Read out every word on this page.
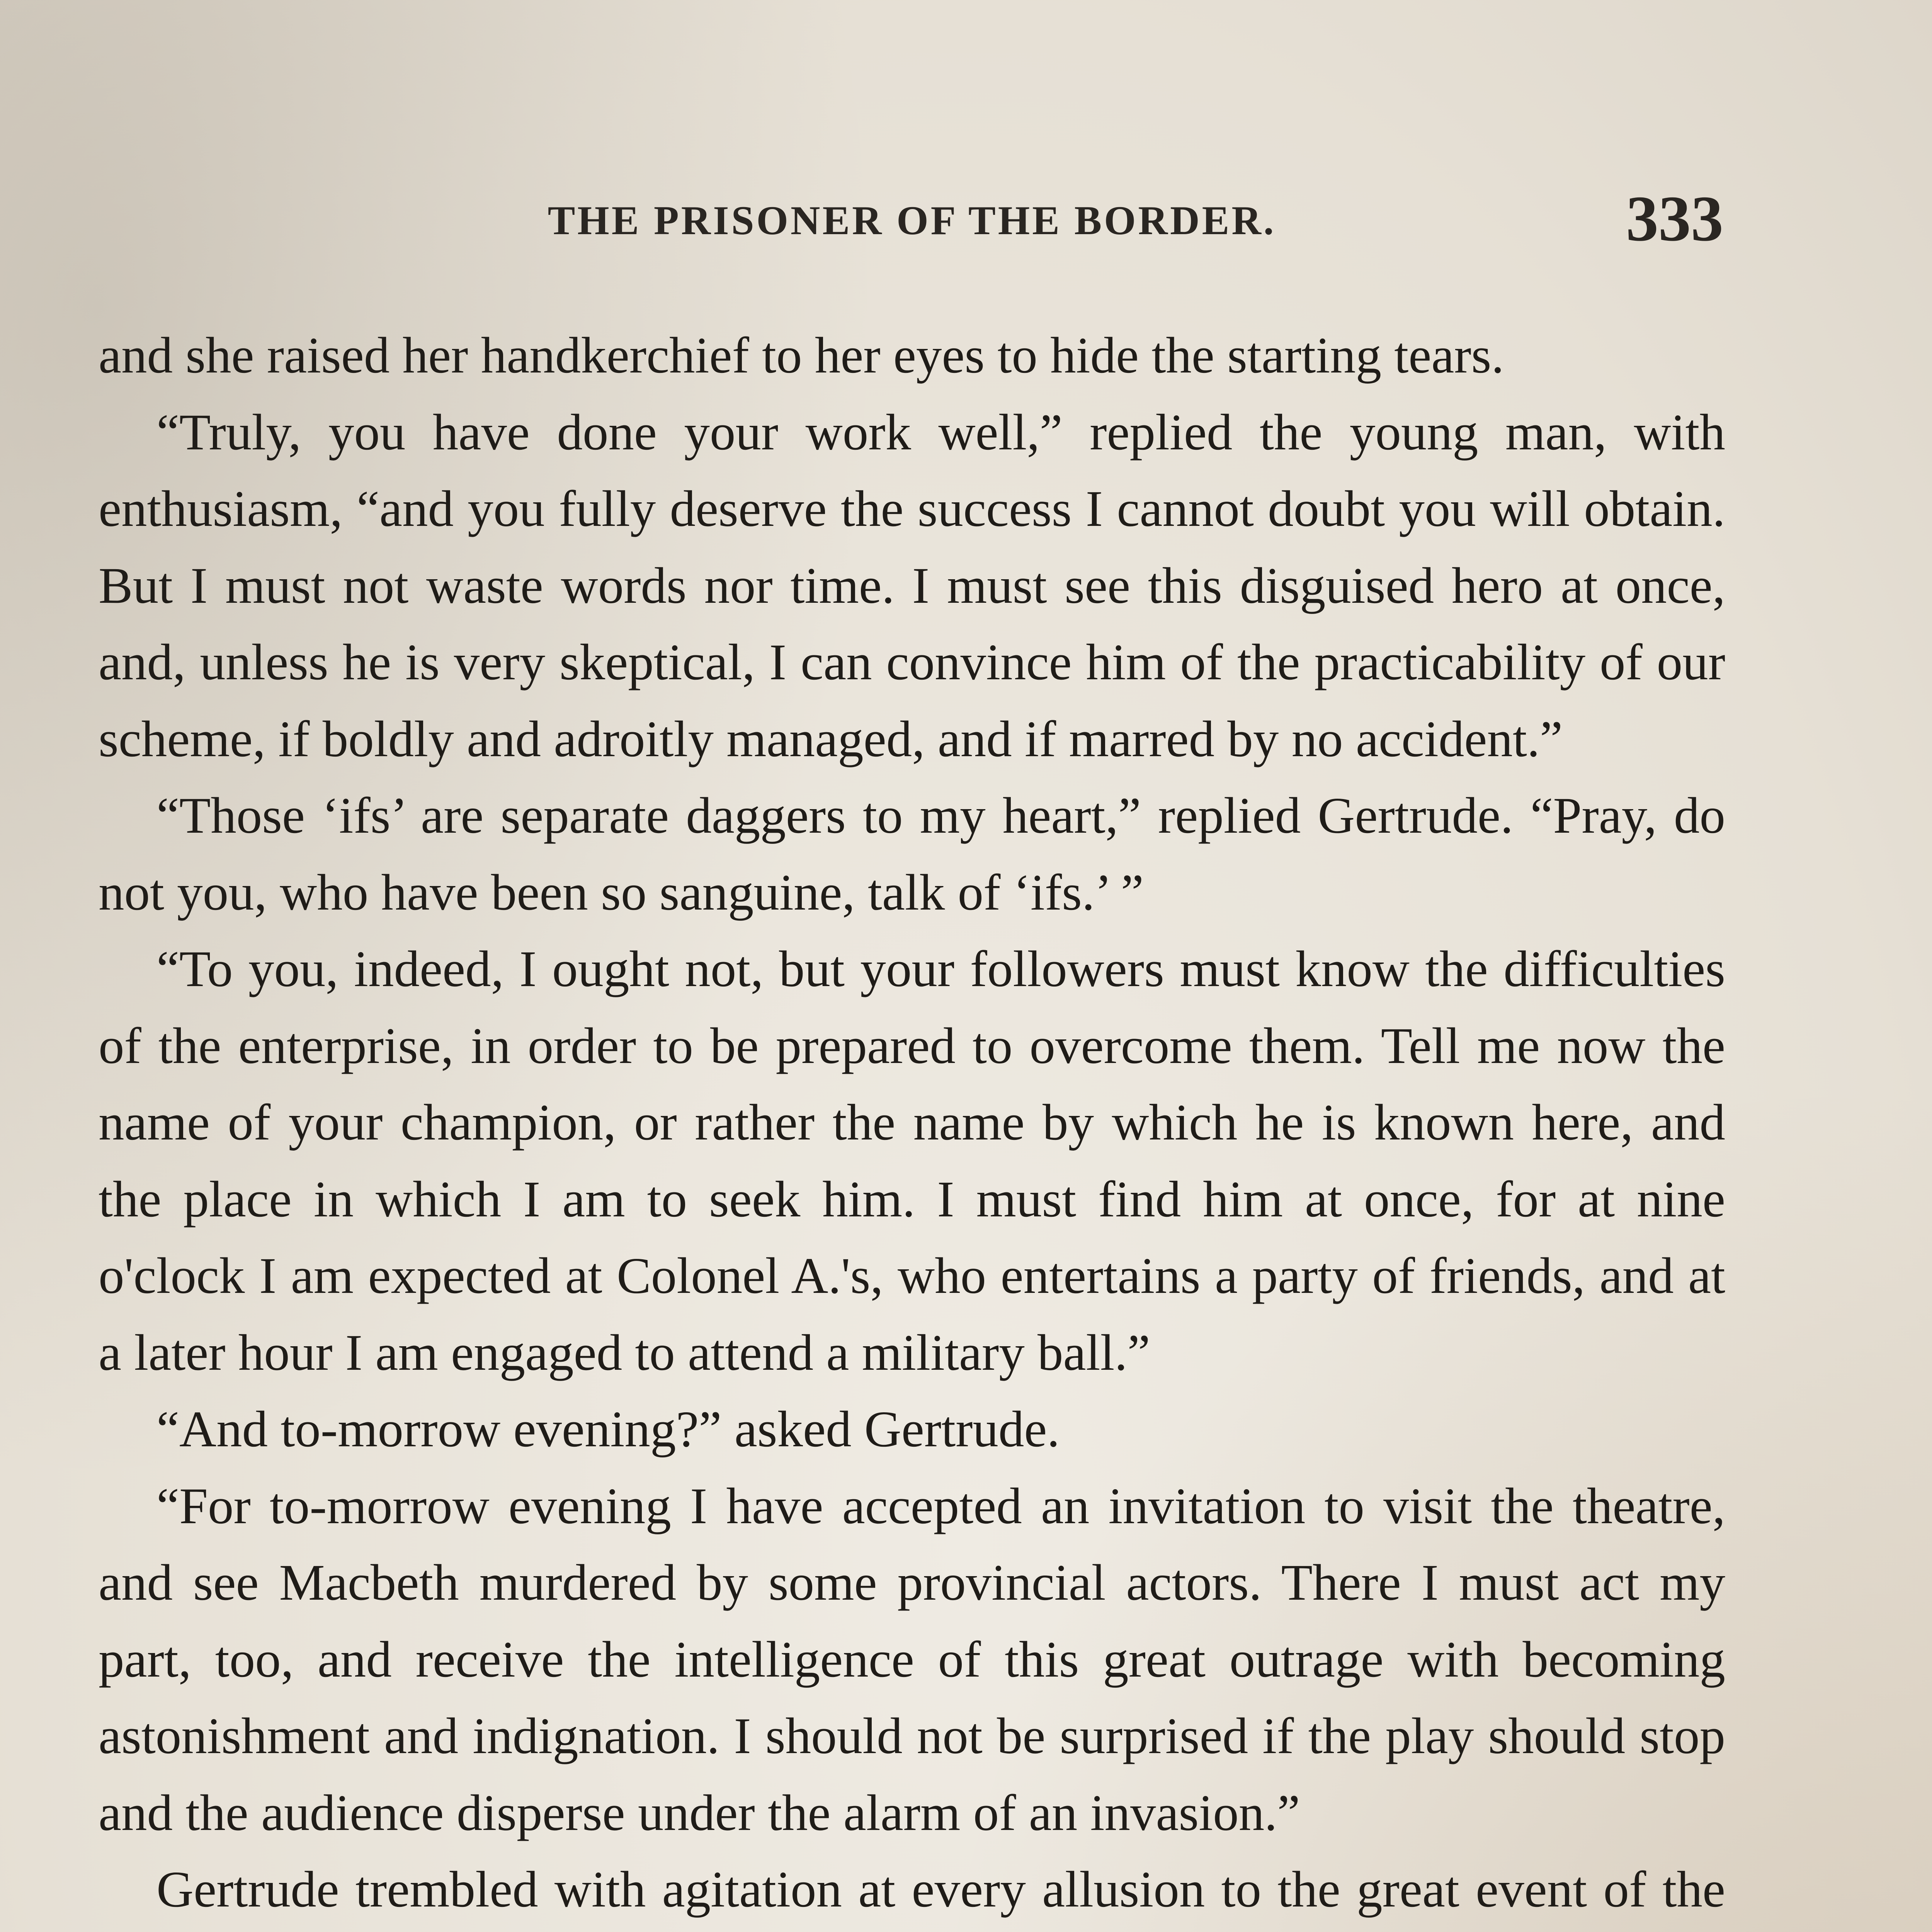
THE PRISONER OF THE BORDER.	333

and she raised her handkerchief to her eyes to hide the starting tears.

“Truly, you have done your work well,” replied the young man, with enthusiasm, “and you fully deserve the success I cannot doubt you will obtain. But I must not waste words nor time. I must see this disguised hero at once, and, unless he is very skeptical, I can convince him of the practicability of our scheme, if boldly and adroitly managed, and if marred by no accident.”

“Those ‘ifs’ are separate daggers to my heart,” replied Gertrude. “Pray, do not you, who have been so sanguine, talk of ‘ifs.’ ”

“To you, indeed, I ought not, but your followers must know the difficulties of the enterprise, in order to be prepared to overcome them. Tell me now the name of your champion, or rather the name by which he is known here, and the place in which I am to seek him. I must find him at once, for at nine o'clock I am expected at Colonel A.'s, who entertains a party of friends, and at a later hour I am engaged to attend a military ball.”

“And to-morrow evening?” asked Gertrude.

“For to-morrow evening I have accepted an invitation to visit the theatre, and see Macbeth murdered by some provincial actors. There I must act my part, too, and receive the intelligence of this great outrage with becoming astonishment and indignation. I should not be surprised if the play should stop and the audience disperse under the alarm of an invasion.”

Gertrude trembled with agitation at every allusion to the great event of the
